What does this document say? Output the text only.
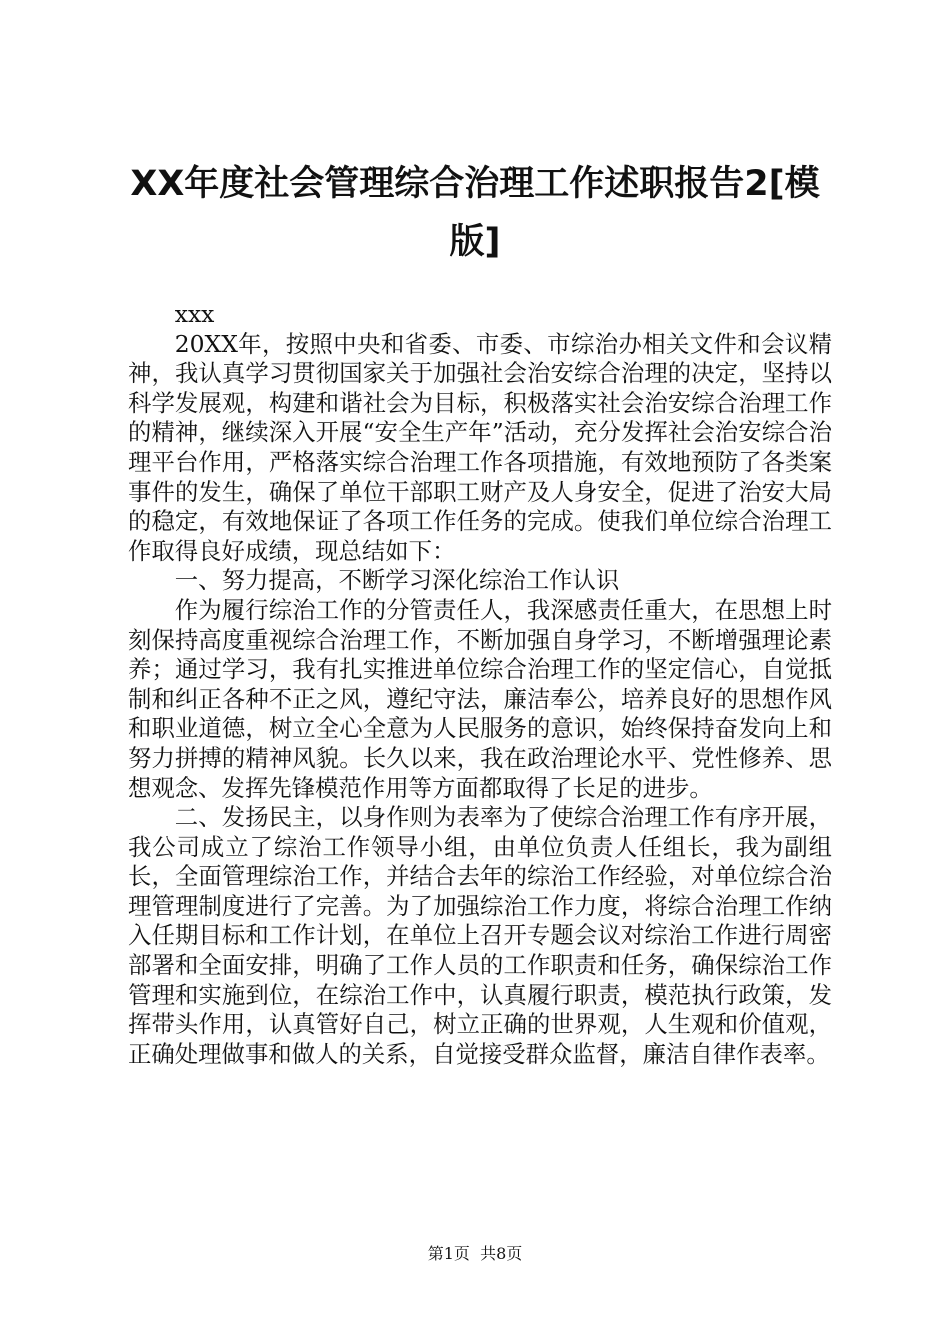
XX年度社会管理综合治理工作述职报告2[模版]

xxx

20XX年，按照中央和省委、市委、市综治办相关文件和会议精神，我认真学习贯彻国家关于加强社会治安综合治理的决定，坚持以科学发展观，构建和谐社会为目标，积极落实社会治安综合治理工作的精神，继续深入开展“安全生产年”活动，充分发挥社会治安综合治理平台作用，严格落实综合治理工作各项措施，有效地预防了各类案事件的发生，确保了单位干部职工财产及人身安全，促进了治安大局的稳定，有效地保证了各项工作任务的完成。使我们单位综合治理工作取得良好成绩，现总结如下：

一、努力提高，不断学习深化综治工作认识

作为履行综治工作的分管责任人，我深感责任重大，在思想上时刻保持高度重视综合治理工作，不断加强自身学习，不断增强理论素养；通过学习，我有扎实推进单位综合治理工作的坚定信心，自觉抵制和纠正各种不正之风，遵纪守法，廉洁奉公，培养良好的思想作风和职业道德，树立全心全意为人民服务的意识，始终保持奋发向上和努力拼搏的精神风貌。长久以来，我在政治理论水平、党性修养、思想观念、发挥先锋模范作用等方面都取得了长足的进步。

二、发扬民主，以身作则为表率为了使综合治理工作有序开展，我公司成立了综治工作领导小组，由单位负责人任组长，我为副组长，全面管理综治工作，并结合去年的综治工作经验，对单位综合治理管理制度进行了完善。为了加强综治工作力度，将综合治理工作纳入任期目标和工作计划，在单位上召开专题会议对综治工作进行周密部署和全面安排，明确了工作人员的工作职责和任务，确保综治工作管理和实施到位，在综治工作中，认真履行职责，模范执行政策，发挥带头作用，认真管好自己，树立正确的世界观，人生观和价值观，正确处理做事和做人的关系，自觉接受群众监督，廉洁自律作表率。

第1页 共8页
